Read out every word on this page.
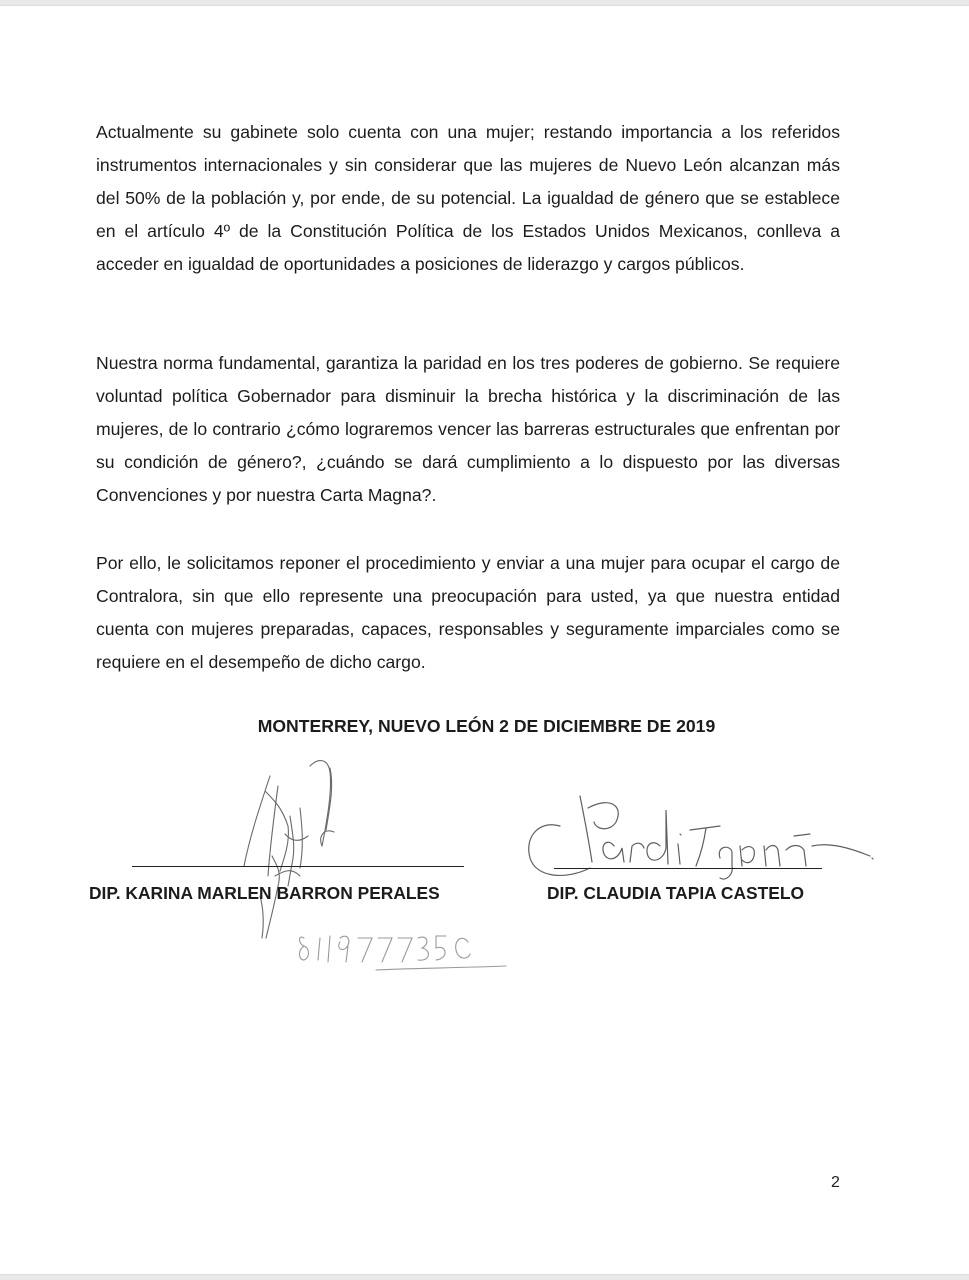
Actualmente su gabinete solo cuenta con una mujer; restando importancia a los referidos instrumentos internacionales y sin considerar que las mujeres de Nuevo León alcanzan más del 50% de la población y, por ende, de su potencial. La igualdad de género que se establece en el artículo 4º de la Constitución Política de los Estados Unidos Mexicanos, conlleva a acceder en igualdad de oportunidades a posiciones de liderazgo y cargos públicos.

Nuestra norma fundamental, garantiza la paridad en los tres poderes de gobierno. Se requiere voluntad política Gobernador para disminuir la brecha histórica y la discriminación de las mujeres, de lo contrario ¿cómo lograremos vencer las barreras estructurales que enfrentan por su condición de género?, ¿cuándo se dará cumplimiento a lo dispuesto por las diversas Convenciones y por nuestra Carta Magna?.

Por ello, le solicitamos reponer el procedimiento y enviar a una mujer para ocupar el cargo de Contralora, sin que ello represente una preocupación para usted, ya que nuestra entidad cuenta con mujeres preparadas, capaces, responsables y seguramente imparciales como se requiere en el desempeño de dicho cargo.

MONTERREY, NUEVO LEÓN 2 DE DICIEMBRE DE 2019
DIP. KARINA MARLEN BARRON PERALES	DIP. CLAUDIA TAPIA CASTELO
2
